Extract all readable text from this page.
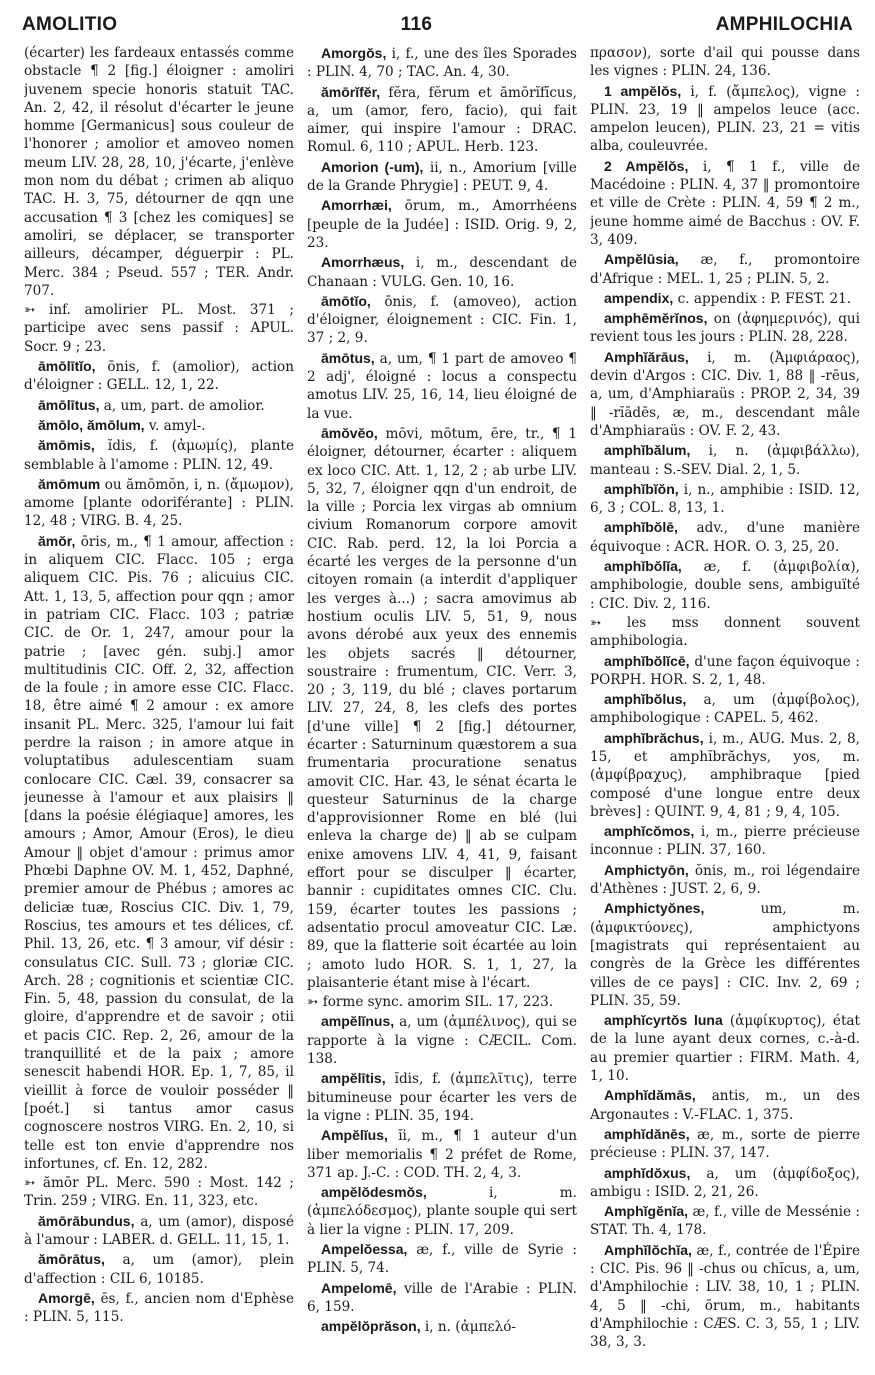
AMOLITIO	116	AMPHILOCHIA

(écarter) les fardeaux entassés comme obstacle ¶ 2 [fig.] éloigner : amoliri juvenem specie honoris statuit TAC. An. 2, 42, il résolut d'écarter le jeune homme [Germanicus] sous couleur de l'honorer ; amolior et amoveo nomen meum LIV. 28, 28, 10, j'écarte, j'enlève mon nom du débat ; crimen ab aliquo TAC. H. 3, 75, détourner de qqn une accusation ¶ 3 [chez les comiques] se amoliri, se déplacer, se transporter ailleurs, décamper, déguerpir : PL. Merc. 384 ; Pseud. 557 ; TER. Andr. 707.

➳ inf. amolirier PL. Most. 371 ; participe avec sens passif : APUL. Socr. 9 ; 23.

āmōlītĭo, ōnis, f. (amolior), action d'éloigner : GELL. 12, 1, 22.

āmōlītus, a, um, part. de amolior.

ămōlo, ămōlum, v. amyl-.

ămōmis, ĭdis, f. (ἀμωμίς), plante semblable à l'amome : PLIN. 12, 49.

ămōmum ou ămōmŏn, i, n. (ἄμωμον), amome [plante odoriférante] : PLIN. 12, 48 ; VIRG. B. 4, 25.

ămŏr, ōris, m., ¶ 1 amour, affection : in aliquem CIC. Flacc. 105 ; erga aliquem CIC. Pis. 76 ; alicuius CIC. Att. 1, 13, 5, affection pour qqn ; amor in patriam CIC. Flacc. 103 ; patriæ CIC. de Or. 1, 247, amour pour la patrie ; [avec gén. subj.] amor multitudinis CIC. Off. 2, 32, affection de la foule ; in amore esse CIC. Flacc. 18, être aimé ¶ 2 amour : ex amore insanit PL. Merc. 325, l'amour lui fait perdre la raison ; in amore atque in voluptatibus adulescentiam suam conlocare CIC. Cæl. 39, consacrer sa jeunesse à l'amour et aux plaisirs ‖ [dans la poésie élégiaque] amores, les amours ; Amor, Amour (Eros), le dieu Amour ‖ objet d'amour : primus amor Phœbi Daphne OV. M. 1, 452, Daphné, premier amour de Phébus ; amores ac deliciæ tuæ, Roscius CIC. Div. 1, 79, Roscius, tes amours et tes délices, cf. Phil. 13, 26, etc. ¶ 3 amour, vif désir : consulatus CIC. Sull. 73 ; gloriæ CIC. Arch. 28 ; cognitionis et scientiæ CIC. Fin. 5, 48, passion du consulat, de la gloire, d'apprendre et de savoir ; otii et pacis CIC. Rep. 2, 26, amour de la tranquillité et de la paix ; amore senescit habendi HOR. Ep. 1, 7, 85, il vieillit à force de vouloir posséder ‖ [poét.] si tantus amor casus cognoscere nostros VIRG. En. 2, 10, si telle est ton envie d'apprendre nos infortunes, cf. En. 12, 282.

➳ ămōr PL. Merc. 590 : Most. 142 ; Trin. 259 ; VIRG. En. 11, 323, etc.

ămōrābundus, a, um (amor), disposé à l'amour : LABER. d. GELL. 11, 15, 1.

ămōrātus, a, um (amor), plein d'affection : CIL 6, 10185.

Amorgē, ēs, f., ancien nom d'Ephèse : PLIN. 5, 115.

Amorgŏs, i, f., une des îles Sporades : PLIN. 4, 70 ; TAC. An. 4, 30.

ămōrĭfĕr, fĕra, fĕrum et ămōrĭfĭcus, a, um (amor, fero, facio), qui fait aimer, qui inspire l'amour : DRAC. Romul. 6, 110 ; APUL. Herb. 123.

Amorion (-um), ii, n., Amorium [ville de la Grande Phrygie] : PEUT. 9, 4.

Amorrhæi, ōrum, m., Amorrhéens [peuple de la Judée] : ISID. Orig. 9, 2, 23.

Amorrhæus, i, m., descendant de Chanaan : VULG. Gen. 10, 16.

āmōtĭo, ōnis, f. (amoveo), action d'éloigner, éloignement : CIC. Fin. 1, 37 ; 2, 9.

āmōtus, a, um, ¶ 1 part de amoveo ¶ 2 adj', éloigné : locus a conspectu amotus LIV. 25, 16, 14, lieu éloigné de la vue.

āmŏvĕo, mōvi, mōtum, ēre, tr., ¶ 1 éloigner, détourner, écarter : aliquem ex loco CIC. Att. 1, 12, 2 ; ab urbe LIV. 5, 32, 7, éloigner qqn d'un endroit, de la ville ; Porcia lex virgas ab omnium civium Romanorum corpore amovit CIC. Rab. perd. 12, la loi Porcia a écarté les verges de la personne d'un citoyen romain (a interdit d'appliquer les verges à...) ; sacra amovimus ab hostium oculis LIV. 5, 51, 9, nous avons dérobé aux yeux des ennemis les objets sacrés ‖ détourner, soustraire : frumentum, CIC. Verr. 3, 20 ; 3, 119, du blé ; claves portarum LIV. 27, 24, 8, les clefs des portes [d'une ville] ¶ 2 [fig.] détourner, écarter : Saturninum quæstorem a sua frumentaria procuratione senatus amovit CIC. Har. 43, le sénat écarta le questeur Saturninus de la charge d'approvisionner Rome en blé (lui enleva la charge de) ‖ ab se culpam enixe amovens LIV. 4, 41, 9, faisant effort pour se disculper ‖ écarter, bannir : cupiditates omnes CIC. Clu. 159, écarter toutes les passions ; adsentatio procul amoveatur CIC. Læ. 89, que la flatterie soit écartée au loin ; amoto ludo HOR. S. 1, 1, 27, la plaisanterie étant mise à l'écart.

➳ forme sync. amorim SIL. 17, 223.

ampĕlĭnus, a, um (ἀμπέλινος), qui se rapporte à la vigne : CÆCIL. Com. 138.

ampĕlītis, ĭdis, f. (ἀμπελῖτις), terre bitumineuse pour écarter les vers de la vigne : PLIN. 35, 194.

Ampĕlĭus, ĭi, m., ¶ 1 auteur d'un liber memorialis ¶ 2 préfet de Rome, 371 ap. J.-C. : COD. TH. 2, 4, 3.

ampĕlŏdesmŏs,	i, m. (ἀμπελόδεσμος), plante souple qui sert à lier la vigne : PLIN. 17, 209.

Ampelŏessa, æ, f., ville de Syrie : PLIN. 5, 74.

Ampelomē, ville de l'Arabie : PLIN. 6, 159.

ampĕlŏprăson, i, n. (ἀμπελό-

πρασον), sorte d'ail qui pousse dans les vignes : PLIN. 24, 136.

1 ampĕlŏs, i, f. (ἄμπελος), vigne : PLIN. 23, 19 ‖ ampelos leuce (acc. ampelon leucen), PLIN. 23, 21 = vitis alba, couleuvrée.

2 Ampĕlŏs, i, ¶ 1 f., ville de Macédoine : PLIN. 4, 37 ‖ promontoire et ville de Crète : PLIN. 4, 59 ¶ 2 m., jeune homme aimé de Bacchus : OV. F. 3, 409.

Ampĕlūsia, æ, f., promontoire d'Afrique : MEL. 1, 25 ; PLIN. 5, 2.

ampendix, c. appendix : P. FEST. 21.

amphēmĕrĭnos, on (ἀφημερινός), qui revient tous les jours : PLIN. 28, 228.

Amphĭărāus, i, m. (Ἀμφιάραος), devin d'Argos : CIC. Div. 1, 88 ‖ -rēus, a, um, d'Amphiaraüs : PROP. 2, 34, 39 ‖ -rĭādēs, æ, m., descendant mâle d'Amphiaraüs : OV. F. 2, 43.

amphĭbălum, i, n. (ἀμφιβάλλω), manteau : S.-SEV. Dial. 2, 1, 5.

amphĭbĭŏn, i, n., amphibie : ISID. 12, 6, 3 ; COL. 8, 13, 1.

amphĭbŏlē, adv., d'une manière équivoque : ACR. HOR. O. 3, 25, 20.

amphĭbŏlĭa, æ, f. (ἀμφιβολία), amphibologie, double sens, ambiguïté : CIC. Div. 2, 116.

➳ les mss donnent souvent amphibologia.

amphĭbŏlĭcē, d'une façon équivoque : PORPH. HOR. S. 2, 1, 48.

amphĭbŏlus, a, um (ἀμφίβολος), amphibologique : CAPEL. 5, 462.

amphĭbrăchus, i, m., AUG. Mus. 2, 8, 15, et amphĭbrăchys, yos, m. (ἀμφίβραχυς), amphibraque [pied composé d'une longue entre deux brèves] : QUINT. 9, 4, 81 ; 9, 4, 105.

amphĭcŏmos, i, m., pierre précieuse inconnue : PLIN. 37, 160.

Amphictyōn, ŏnis, m., roi légendaire d'Athènes : JUST. 2, 6, 9.

Amphictyŏnes,	um, m. (ἀμφικτύονες), amphictyons [magistrats qui représentaient au congrès de la Grèce les différentes villes de ce pays] : CIC. Inv. 2, 69 ; PLIN. 35, 59.

amphĭcyrtŏs luna (ἀμφίκυρτος), état de la lune ayant deux cornes, c.-à-d. au premier quartier : FIRM. Math. 4, 1, 10.

Amphĭdămās, antis, m., un des Argonautes : V.-FLAC. 1, 375.

amphĭdănēs, æ, m., sorte de pierre précieuse : PLIN. 37, 147.

amphĭdŏxus, a, um (ἀμφίδοξος), ambigu : ISID. 2, 21, 26.

Amphĭgĕnĭa, æ, f., ville de Messénie : STAT. Th. 4, 178.

Amphĭlŏchĭa, æ, f., contrée de l'Épire : CIC. Pis. 96 ‖ -chus ou chĭcus, a, um, d'Amphilochie : LIV. 38, 10, 1 ; PLIN. 4, 5 ‖ -chi, ōrum, m., habitants d'Amphilochie : CÆS. C. 3, 55, 1 ; LIV. 38, 3, 3.
